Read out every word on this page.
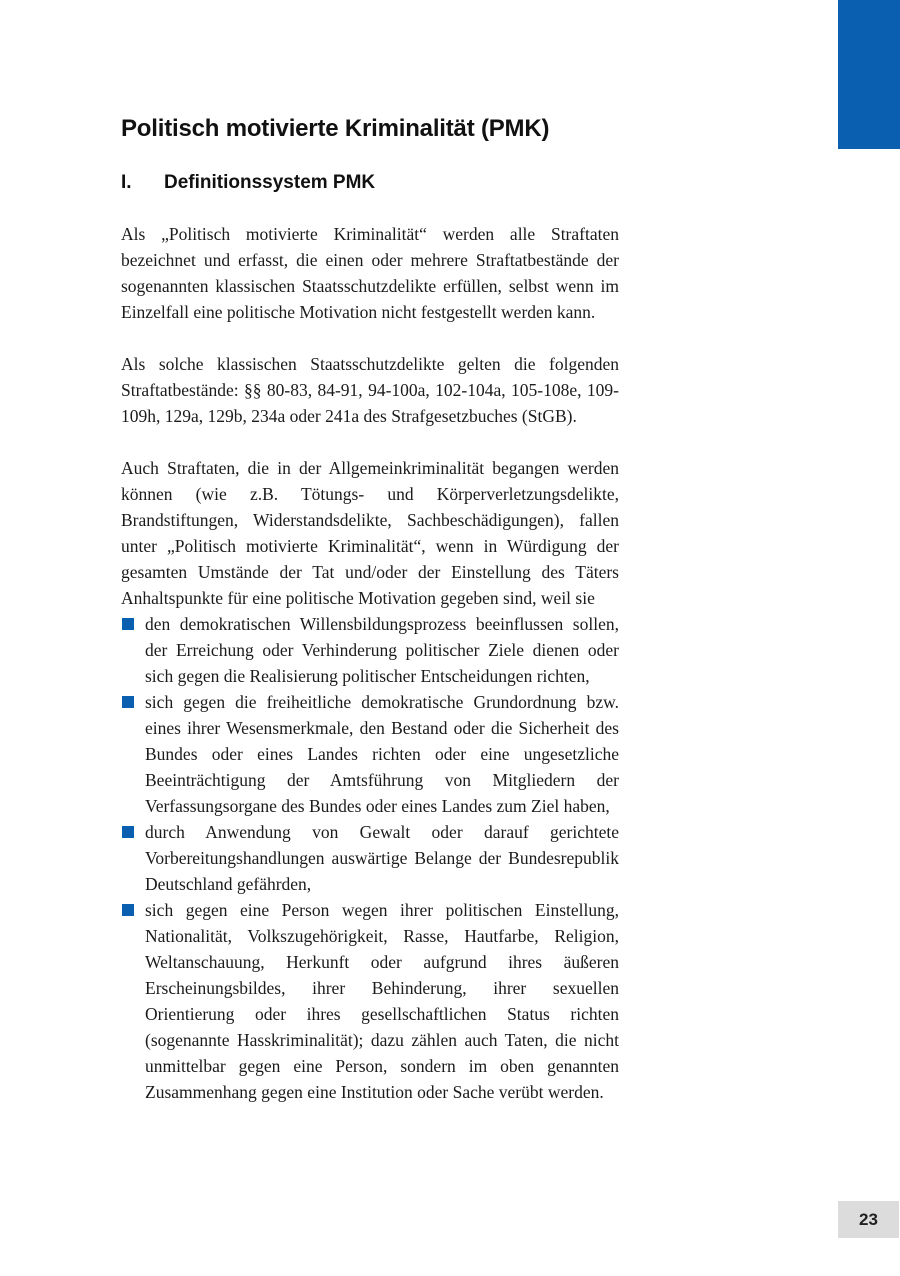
Politisch motivierte Kriminalität (PMK)
I.	Definitionssystem PMK

Als „Politisch motivierte Kriminalität“ werden alle Straftaten bezeichnet und erfasst, die einen oder mehrere Straftatbestände der sogenannten klassischen Staatsschutzdelikte erfüllen, selbst wenn im Einzelfall eine politische Motivation nicht festgestellt werden kann.

Als solche klassischen Staatsschutzdelikte gelten die folgenden Straftatbestände: §§ 80-83, 84-91, 94-100a, 102-104a, 105-108e, 109-109h, 129a, 129b, 234a oder 241a des Strafgesetzbuches (StGB).

Auch Straftaten, die in der Allgemeinkriminalität begangen werden können (wie z.B. Tötungs- und Körperverletzungsdelikte, Brandstiftungen, Widerstandsdelikte, Sachbeschädigungen), fallen unter „Politisch motivierte Kriminalität“, wenn in Würdigung der gesamten Umstände der Tat und/oder der Einstellung des Täters Anhaltspunkte für eine politische Motivation gegeben sind, weil sie

den demokratischen Willensbildungsprozess beeinflussen sollen, der Erreichung oder Verhinderung politischer Ziele dienen oder sich gegen die Realisierung politischer Entscheidungen richten,
sich gegen die freiheitliche demokratische Grundordnung bzw. eines ihrer Wesensmerkmale, den Bestand oder die Sicherheit des Bundes oder eines Landes richten oder eine ungesetzliche Beeinträchtigung der Amtsführung von Mitgliedern der Verfassungsorgane des Bundes oder eines Landes zum Ziel haben,
durch Anwendung von Gewalt oder darauf gerichtete Vorbereitungshandlungen auswärtige Belange der Bundesrepublik Deutschland gefährden,
sich gegen eine Person wegen ihrer politischen Einstellung, Nationalität, Volkszugehörigkeit, Rasse, Hautfarbe, Religion, Weltanschauung, Herkunft oder aufgrund ihres äußeren Erscheinungsbildes, ihrer Behinderung, ihrer sexuellen Orientierung oder ihres gesellschaftlichen Status richten (sogenannte Hasskriminalität); dazu zählen auch Taten, die nicht unmittelbar gegen eine Person, sondern im oben genannten Zusammenhang gegen eine Institution oder Sache verübt werden.
23
